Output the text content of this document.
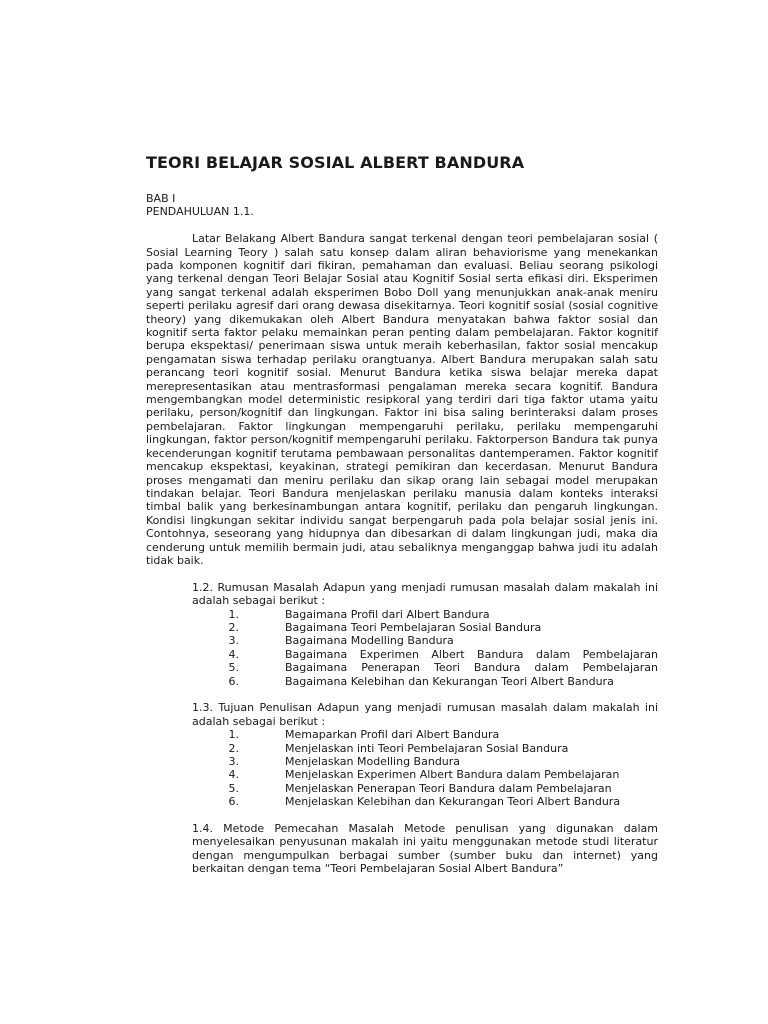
TEORI BELAJAR SOSIAL ALBERT BANDURA

BAB I

PENDAHULUAN 1.1.

Latar Belakang Albert Bandura sangat terkenal dengan teori pembelajaran sosial ( Sosial Learning Teory ) salah satu konsep dalam aliran behaviorisme yang menekankan pada komponen kognitif dari fikiran, pemahaman dan evaluasi. Beliau seorang psikologi yang terkenal dengan Teori Belajar Sosial atau Kognitif Sosial serta efikasi diri. Eksperimen yang sangat terkenal adalah eksperimen Bobo Doll yang menunjukkan anak-anak meniru seperti perilaku agresif dari orang dewasa disekitarnya. Teori kognitif sosial (sosial cognitive theory) yang dikemukakan oleh Albert Bandura menyatakan bahwa faktor sosial dan kognitif serta faktor pelaku memainkan peran penting dalam pembelajaran. Faktor kognitif berupa ekspektasi/ penerimaan siswa untuk meraih keberhasilan, faktor sosial mencakup pengamatan siswa terhadap perilaku orangtuanya. Albert Bandura merupakan salah satu perancang teori kognitif sosial. Menurut Bandura ketika siswa belajar mereka dapat merepresentasikan atau mentrasformasi pengalaman mereka secara kognitif. Bandura mengembangkan model deterministic resipkoral yang terdiri dari tiga faktor utama yaitu perilaku, person/kognitif dan lingkungan. Faktor ini bisa saling berinteraksi dalam proses pembelajaran. Faktor lingkungan mempengaruhi perilaku, perilaku mempengaruhi lingkungan, faktor person/kognitif mempengaruhi perilaku. Faktorperson Bandura tak punya kecenderungan kognitif terutama pembawaan personalitas dantemperamen. Faktor kognitif mencakup ekspektasi, keyakinan, strategi pemikiran dan kecerdasan. Menurut Bandura proses mengamati dan meniru perilaku dan sikap orang lain sebagai model merupakan tindakan belajar. Teori Bandura menjelaskan perilaku manusia dalam konteks interaksi timbal balik yang berkesinambungan antara kognitif, perilaku dan pengaruh lingkungan. Kondisi lingkungan sekitar individu sangat berpengaruh pada pola belajar sosial jenis ini. Contohnya, seseorang yang hidupnya dan dibesarkan di dalam lingkungan judi, maka dia cenderung untuk memilih bermain judi, atau sebaliknya menganggap bahwa judi itu adalah tidak baik.

1.2. Rumusan Masalah Adapun yang menjadi rumusan masalah dalam makalah ini adalah sebagai berikut :

1.	Bagaimana Profil dari Albert Bandura
2.	Bagaimana Teori Pembelajaran Sosial Bandura
3.	Bagaimana Modelling Bandura
4.	Bagaimana Experimen Albert Bandura dalam Pembelajaran
5.	Bagaimana Penerapan Teori Bandura dalam Pembelajaran
6.	Bagaimana Kelebihan dan Kekurangan Teori Albert Bandura

1.3. Tujuan Penulisan Adapun yang menjadi rumusan masalah dalam makalah ini adalah sebagai berikut :

1.	Memaparkan Profil dari Albert Bandura
2.	Menjelaskan inti Teori Pembelajaran Sosial Bandura
3.	Menjelaskan Modelling Bandura
4.	Menjelaskan Experimen Albert Bandura dalam Pembelajaran
5.	Menjelaskan Penerapan Teori Bandura dalam Pembelajaran
6.	Menjelaskan Kelebihan dan Kekurangan Teori Albert Bandura

1.4. Metode Pemecahan Masalah Metode penulisan yang digunakan dalam menyelesaikan penyusunan makalah ini yaitu menggunakan metode studi literatur dengan mengumpulkan berbagai sumber (sumber buku dan internet) yang berkaitan dengan tema “Teori Pembelajaran Sosial Albert Bandura”
